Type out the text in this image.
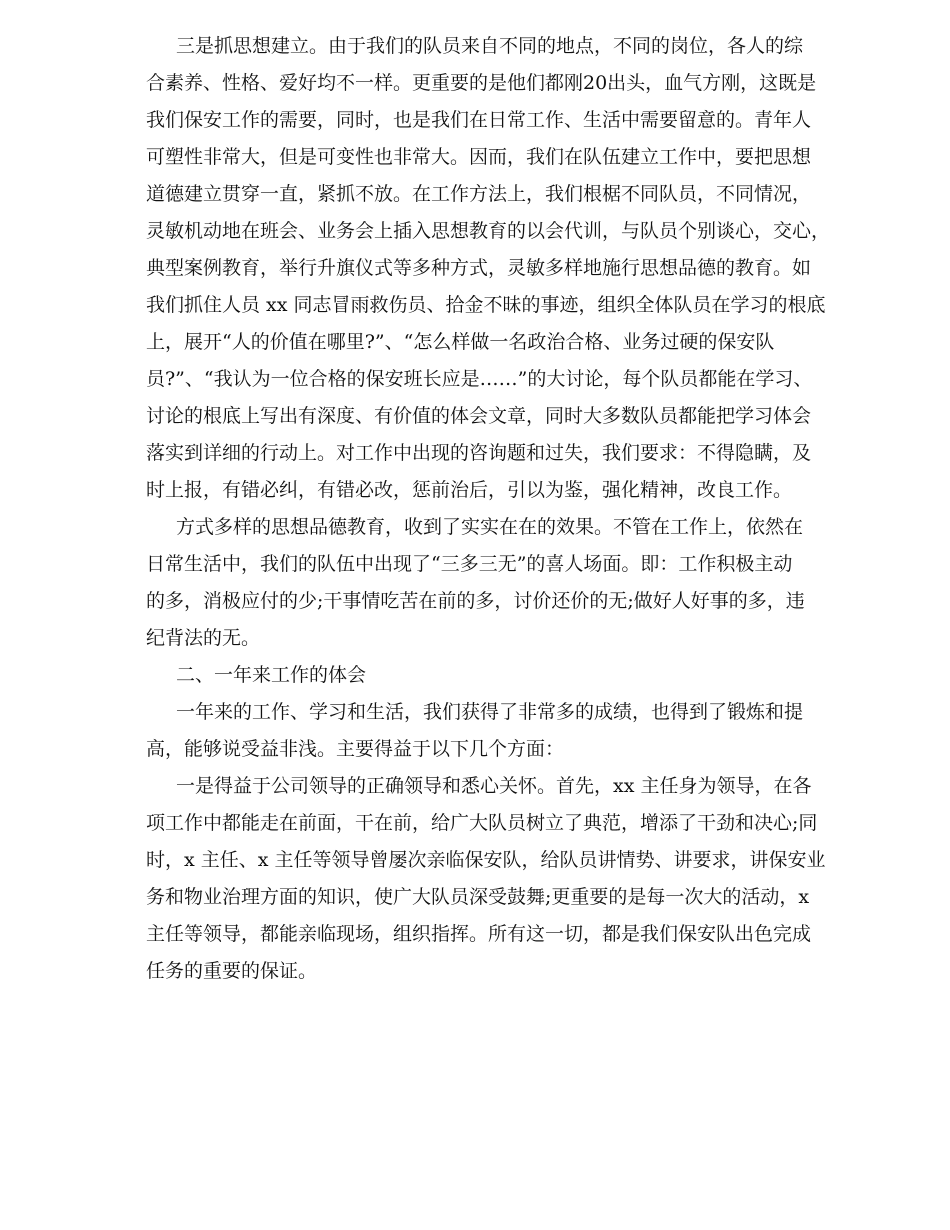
三是抓思想建立。由于我们的队员来自不同的地点，不同的岗位，各人的综
合素养、性格、爱好均不一样。更重要的是他们都刚20出头，血气方刚，这既是
我们保安工作的需要，同时，也是我们在日常工作、生活中需要留意的。青年人
可塑性非常大，但是可变性也非常大。因而，我们在队伍建立工作中，要把思想
道德建立贯穿一直，紧抓不放。在工作方法上，我们根椐不同队员，不同情况，
灵敏机动地在班会、业务会上插入思想教育的以会代训，与队员个别谈心，交心，
典型案例教育，举行升旗仪式等多种方式，灵敏多样地施行思想品德的教育。如
我们抓住人员 xx 同志冒雨救伤员、拾金不昧的事迹，组织全体队员在学习的根底
上，展开“人的价值在哪里?”、“怎么样做一名政治合格、业务过硬的保安队
员?”、“我认为一位合格的保安班长应是……”的大讨论，每个队员都能在学习、
讨论的根底上写出有深度、有价值的体会文章，同时大多数队员都能把学习体会
落实到详细的行动上。对工作中出现的咨询题和过失，我们要求：不得隐瞒，及
时上报，有错必纠，有错必改，惩前治后，引以为鉴，强化精神，改良工作。
方式多样的思想品德教育，收到了实实在在的效果。不管在工作上，依然在
日常生活中，我们的队伍中出现了“三多三无”的喜人场面。即：工作积极主动
的多，消极应付的少;干事情吃苦在前的多，讨价还价的无;做好人好事的多，违
纪背法的无。
二、一年来工作的体会
一年来的工作、学习和生活，我们获得了非常多的成绩，也得到了锻炼和提
高，能够说受益非浅。主要得益于以下几个方面：
一是得益于公司领导的正确领导和悉心关怀。首先，xx 主任身为领导，在各
项工作中都能走在前面，干在前，给广大队员树立了典范，增添了干劲和决心;同
时，x 主任、x 主任等领导曾屡次亲临保安队，给队员讲情势、讲要求，讲保安业
务和物业治理方面的知识，使广大队员深受鼓舞;更重要的是每一次大的活动，x
主任等领导，都能亲临现场，组织指挥。所有这一切，都是我们保安队出色完成
任务的重要的保证。
